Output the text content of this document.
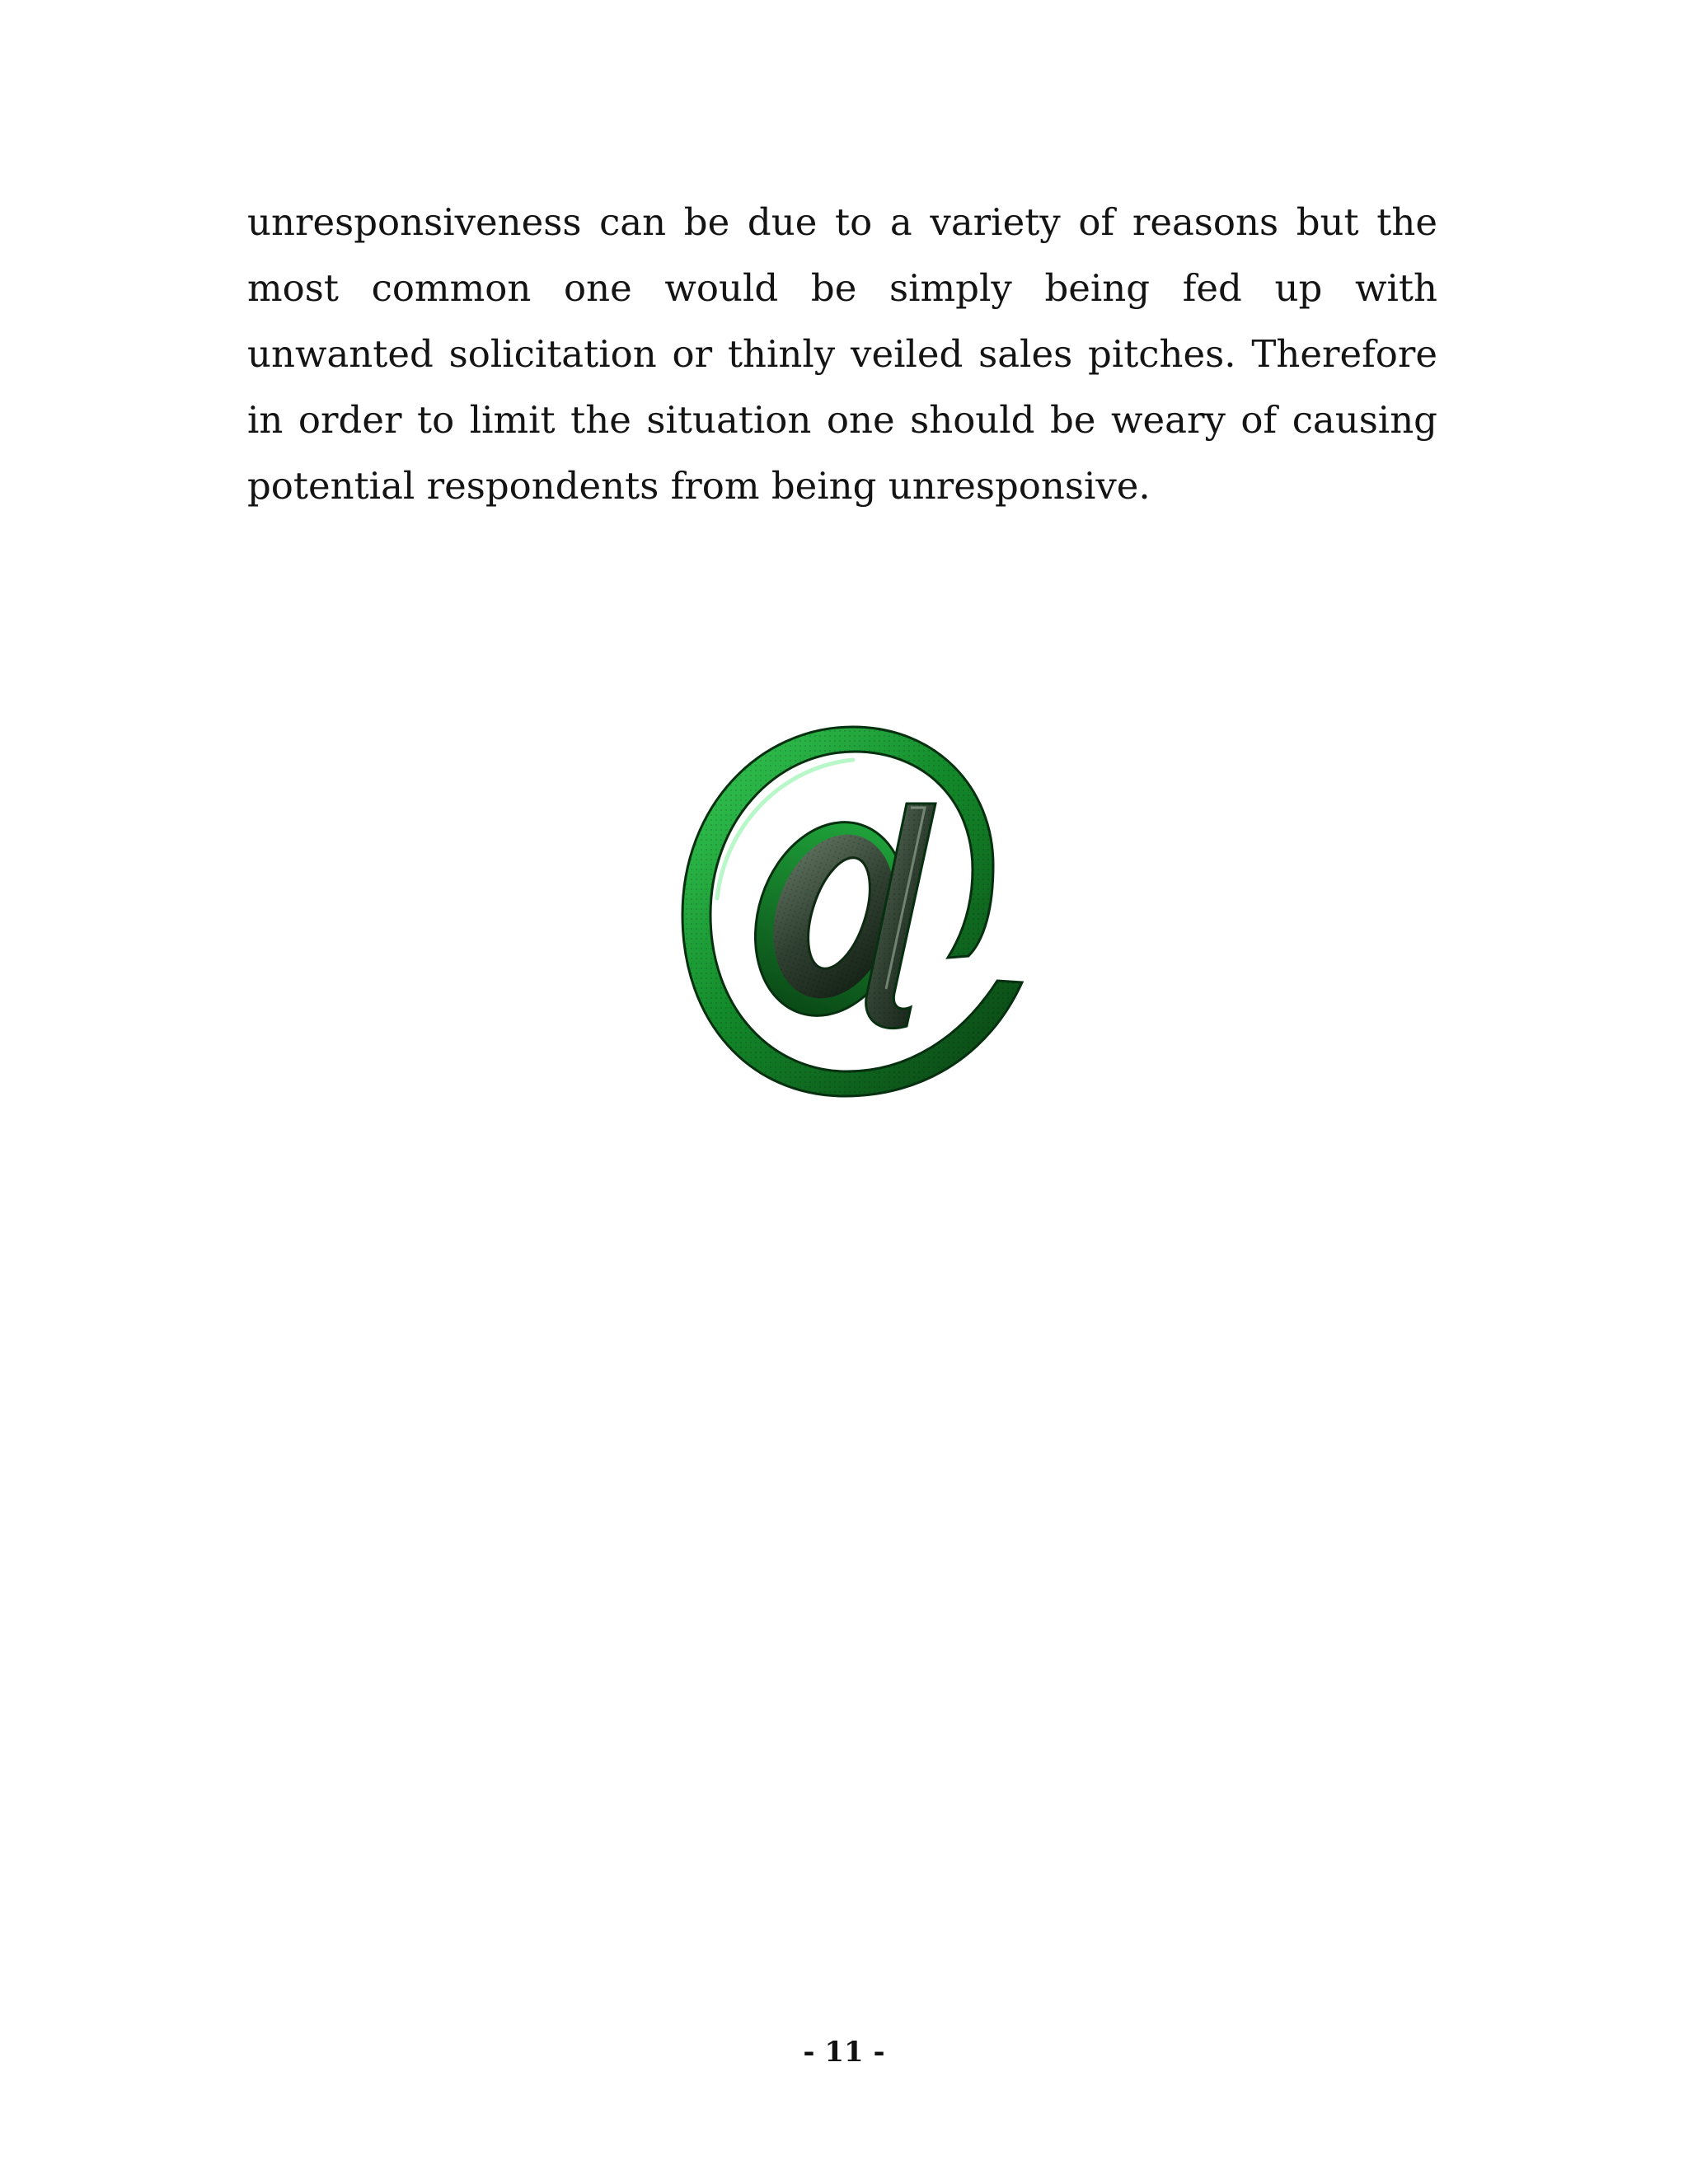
unresponsiveness can be due to a variety of reasons but the most common one would be simply being fed up with unwanted solicitation or thinly veiled sales pitches. Therefore in order to limit the situation one should be weary of causing potential respondents from being unresponsive.

- 11 -
